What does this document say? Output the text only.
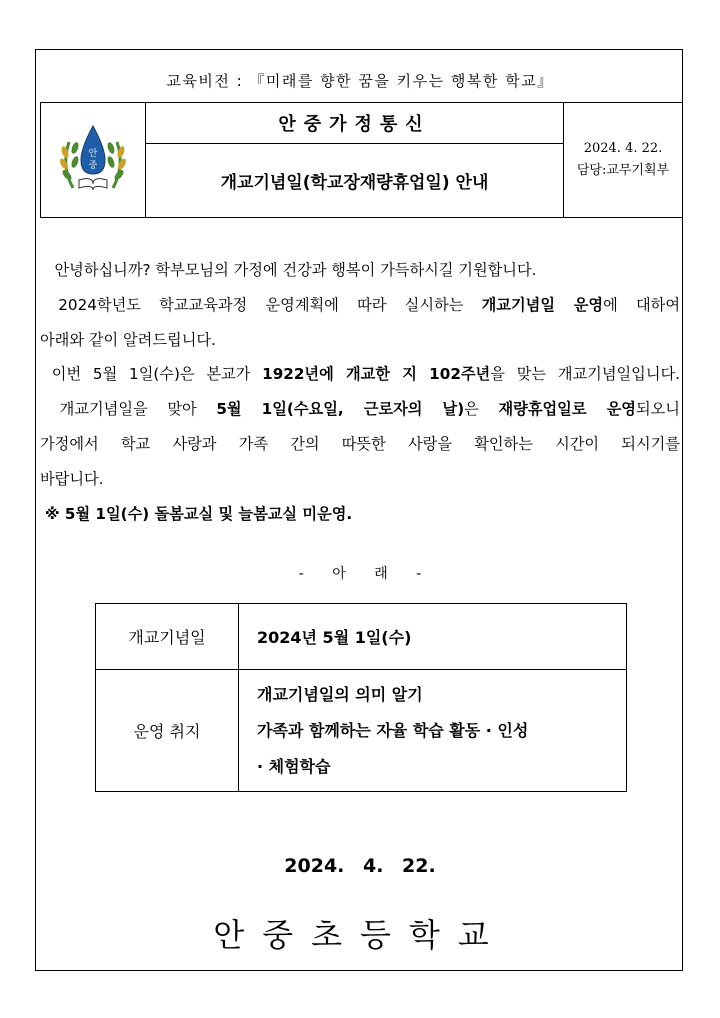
교육비전 : 『미래를 향한 꿈을 키우는 행복한 학교』
안
중
	안중가정통신	
2024. 4. 22.
담당:교무기획부

개교기념일(학교장재량휴업일) 안내

안녕하십니까? 학부모님의 가정에 건강과 행복이 가득하시길 기원합니다.

2024학년도 학교교육과정 운영계획에 따라 실시하는 개교기념일 운영에 대하여

아래와 같이 알려드립니다.

이번 5월 1일(수)은 본교가 1922년에 개교한 지 102주년을 맞는 개교기념일입니다.

개교기념일을 맞아 5월 1일(수요일, 근로자의 날)은 재량휴업일로 운영되오니

가정에서 학교 사랑과 가족 간의 따뜻한 사랑을 확인하는 시간이 되시기를

바랍니다.

※ 5월 1일(수) 돌봄교실 및 늘봄교실 미운영.

- 아 래 -
개교기념일	2024년 5월 1일(수)
운영 취지	개교기념일의 의미 알기
가족과 함께하는 자율 학습 활동 · 인성
· 체험학습
2024. 4. 22.
안중초등학교
